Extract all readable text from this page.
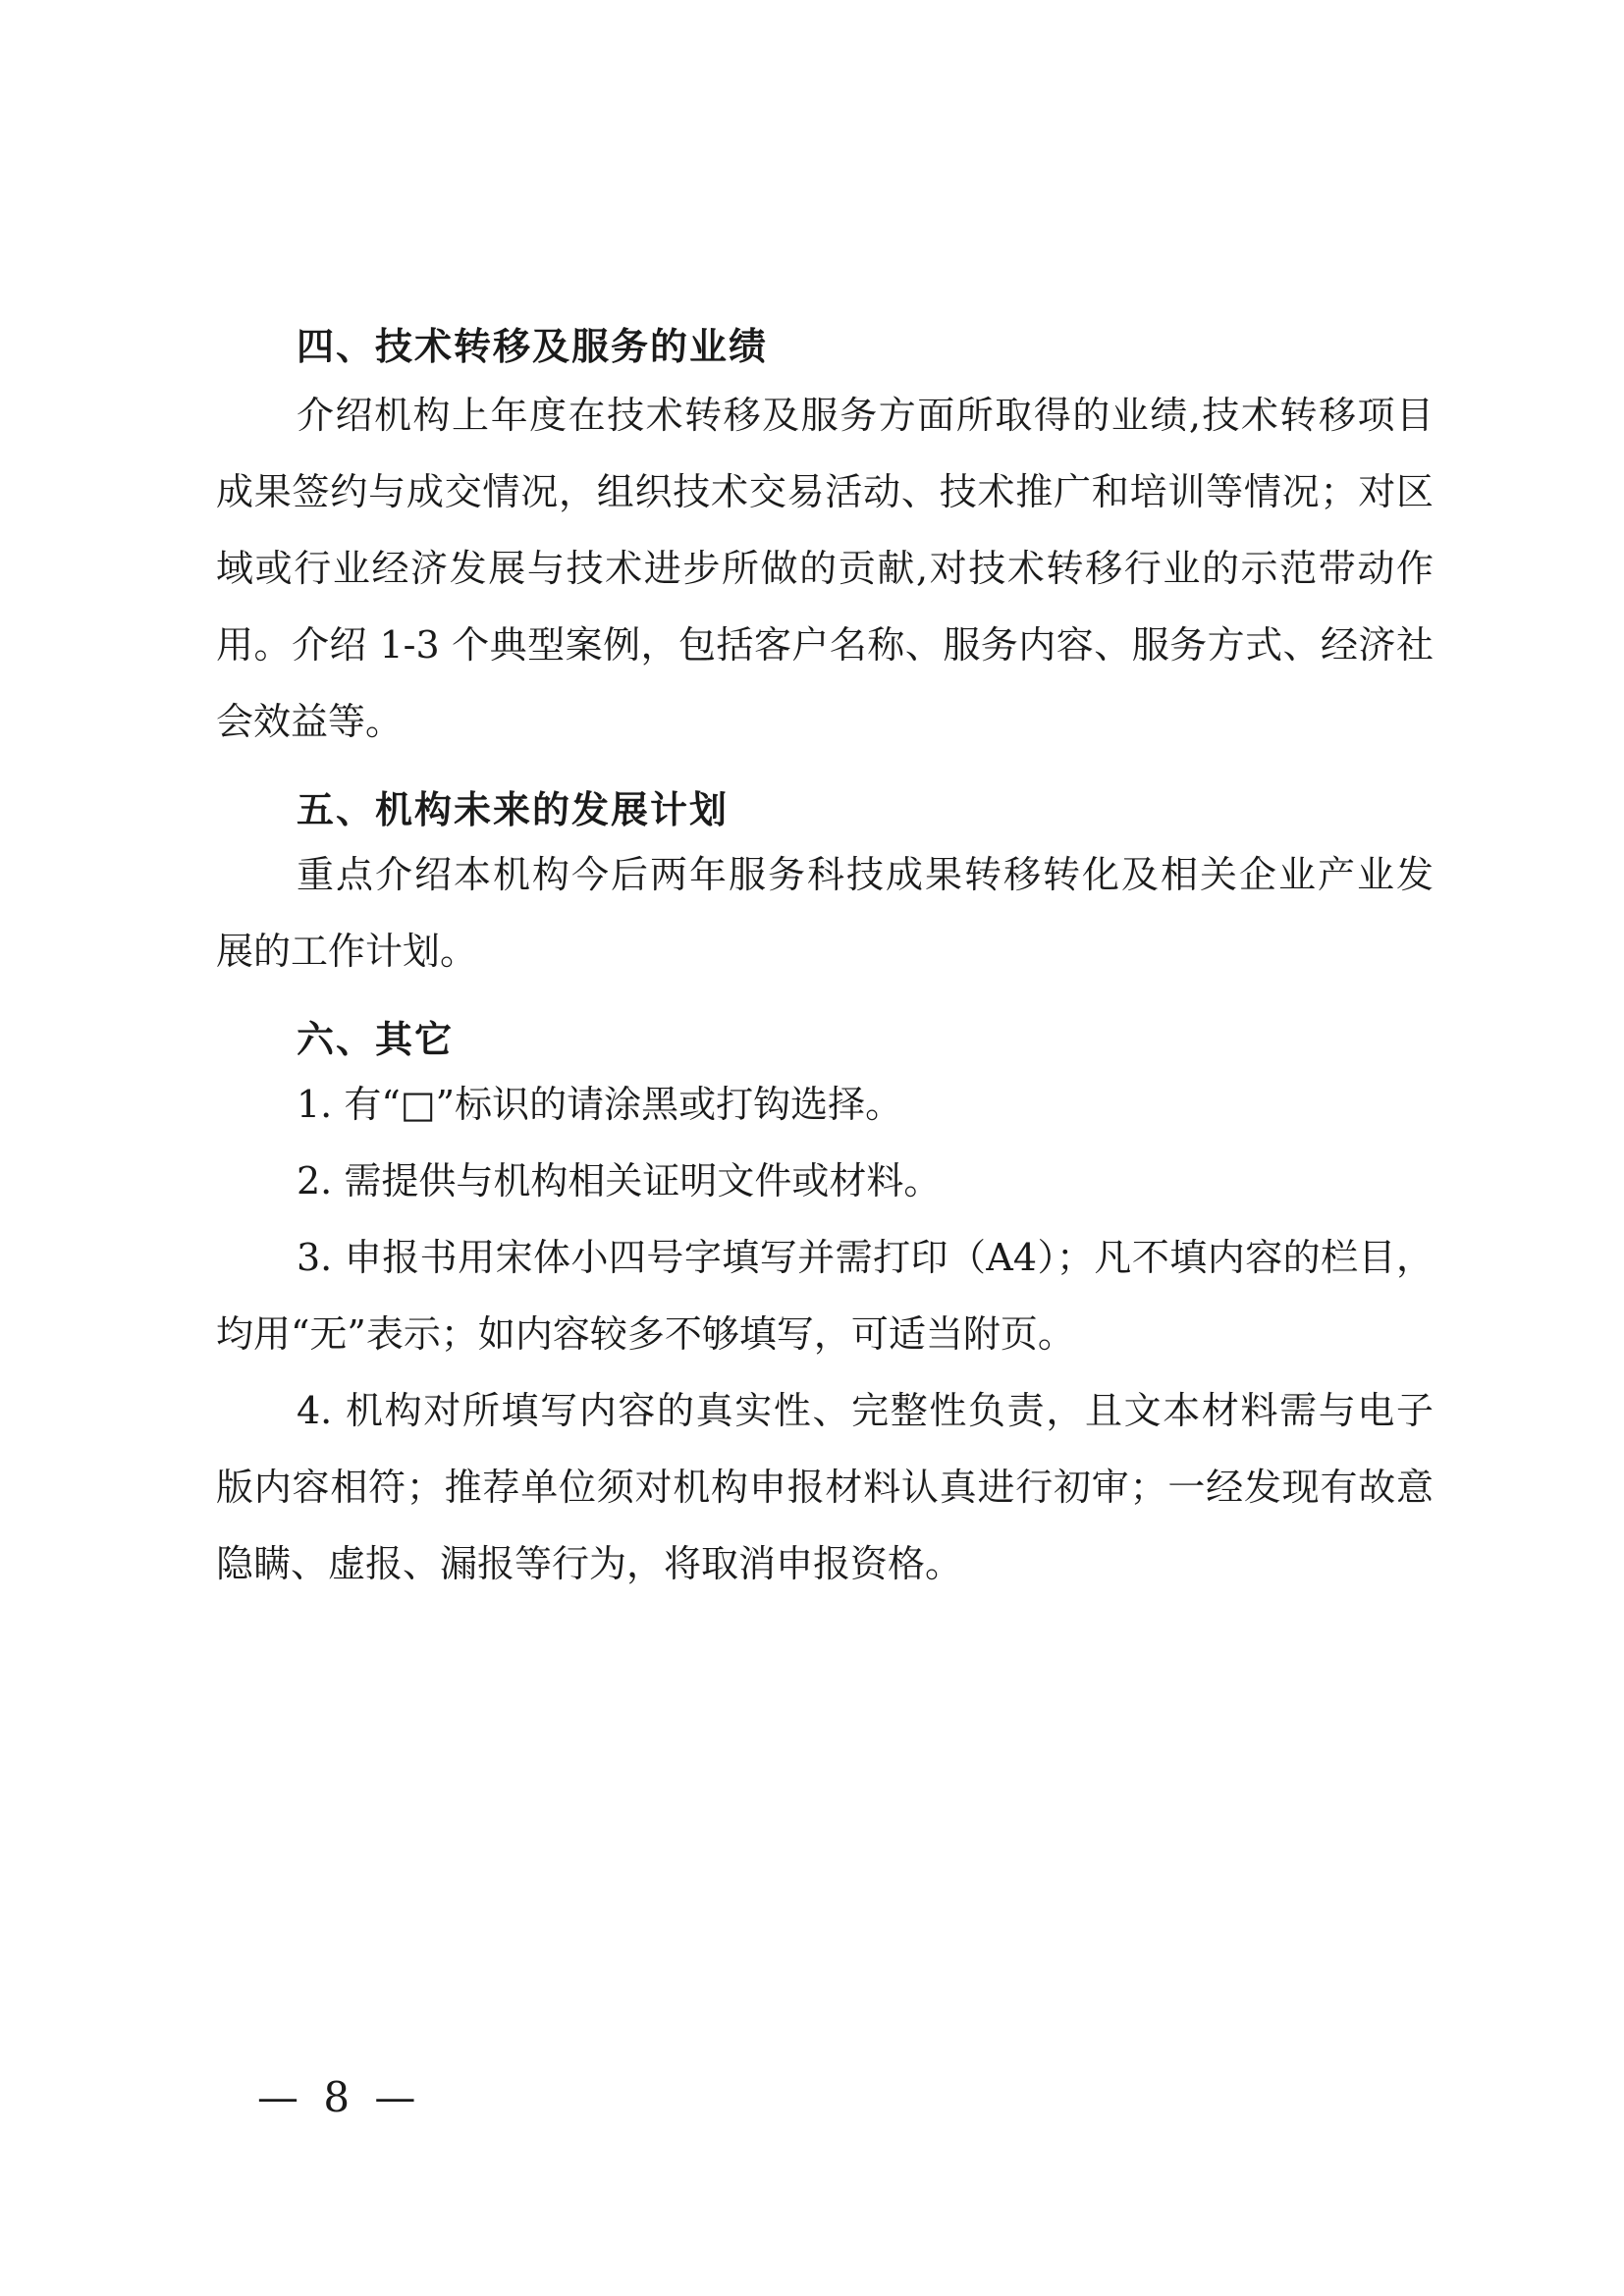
四、技术转移及服务的业绩
介绍机构上年度在技术转移及服务方面所取得的业绩,技术转移项目
成果签约与成交情况，组织技术交易活动、技术推广和培训等情况；对区
域或行业经济发展与技术进步所做的贡献,对技术转移行业的示范带动作
用。介绍 1-3 个典型案例，包括客户名称、服务内容、服务方式、经济社
会效益等。
五、机构未来的发展计划
重点介绍本机构今后两年服务科技成果转移转化及相关企业产业发
展的工作计划。
六、其它
1. 有“□”标识的请涂黑或打钩选择。
2. 需提供与机构相关证明文件或材料。
3. 申报书用宋体小四号字填写并需打印（A4）；凡不填内容的栏目，
均用“无”表示；如内容较多不够填写，可适当附页。
4. 机构对所填写内容的真实性、完整性负责，且文本材料需与电子
版内容相符；推荐单位须对机构申报材料认真进行初审；一经发现有故意
隐瞒、虚报、漏报等行为，将取消申报资格。
— 8 —
